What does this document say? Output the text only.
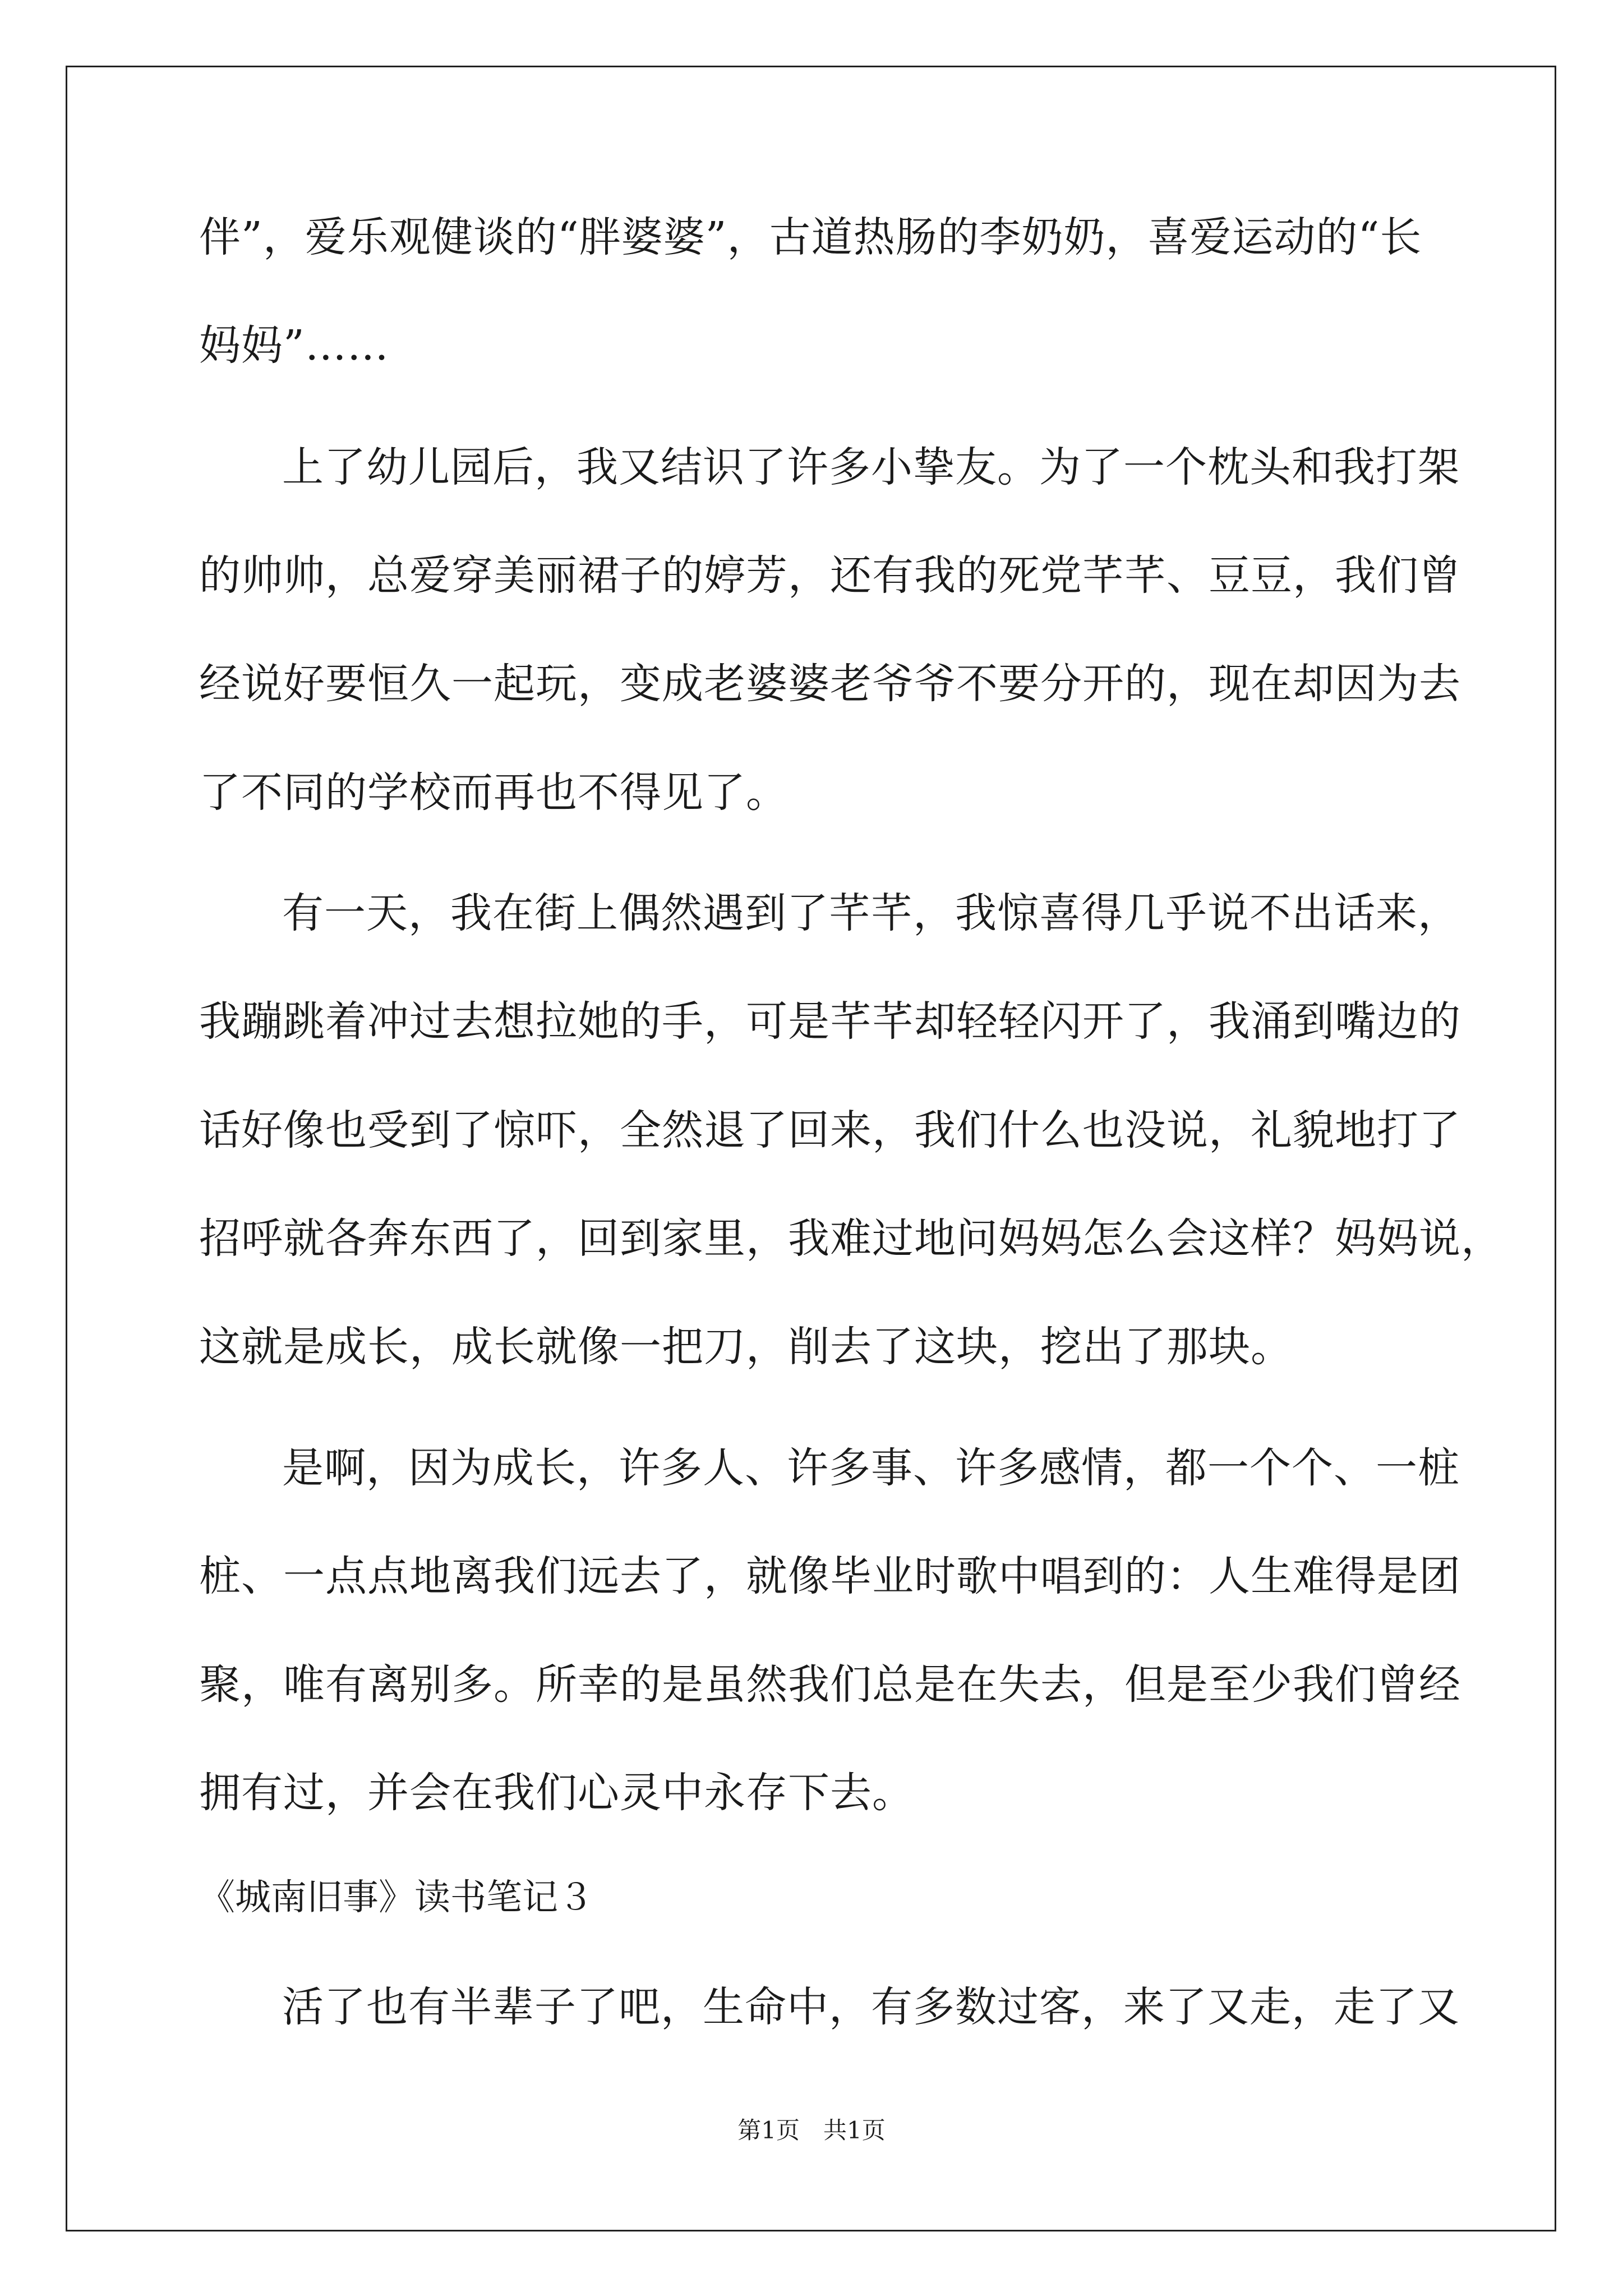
伴”，爱乐观健谈的“胖婆婆”，古道热肠的李奶奶，喜爱运动的“长
妈妈”……
上了幼儿园后，我又结识了许多小挚友。为了一个枕头和我打架
的帅帅，总爱穿美丽裙子的婷芳，还有我的死党芊芊、豆豆，我们曾
经说好要恒久一起玩，变成老婆婆老爷爷不要分开的，现在却因为去
了不同的学校而再也不得见了。
有一天，我在街上偶然遇到了芊芊，我惊喜得几乎说不出话来，
我蹦跳着冲过去想拉她的手，可是芊芊却轻轻闪开了，我涌到嘴边的
话好像也受到了惊吓，全然退了回来，我们什么也没说，礼貌地打了
招呼就各奔东西了，回到家里，我难过地问妈妈怎么会这样？妈妈说，
这就是成长，成长就像一把刀，削去了这块，挖出了那块。
是啊，因为成长，许多人、许多事、许多感情，都一个个、一桩
桩、一点点地离我们远去了，就像毕业时歌中唱到的：人生难得是团
聚，唯有离别多。所幸的是虽然我们总是在失去，但是至少我们曾经
拥有过，并会在我们心灵中永存下去。
《城南旧事》读书笔记３
活了也有半辈子了吧，生命中，有多数过客，来了又走，走了又
第1页　共1页
